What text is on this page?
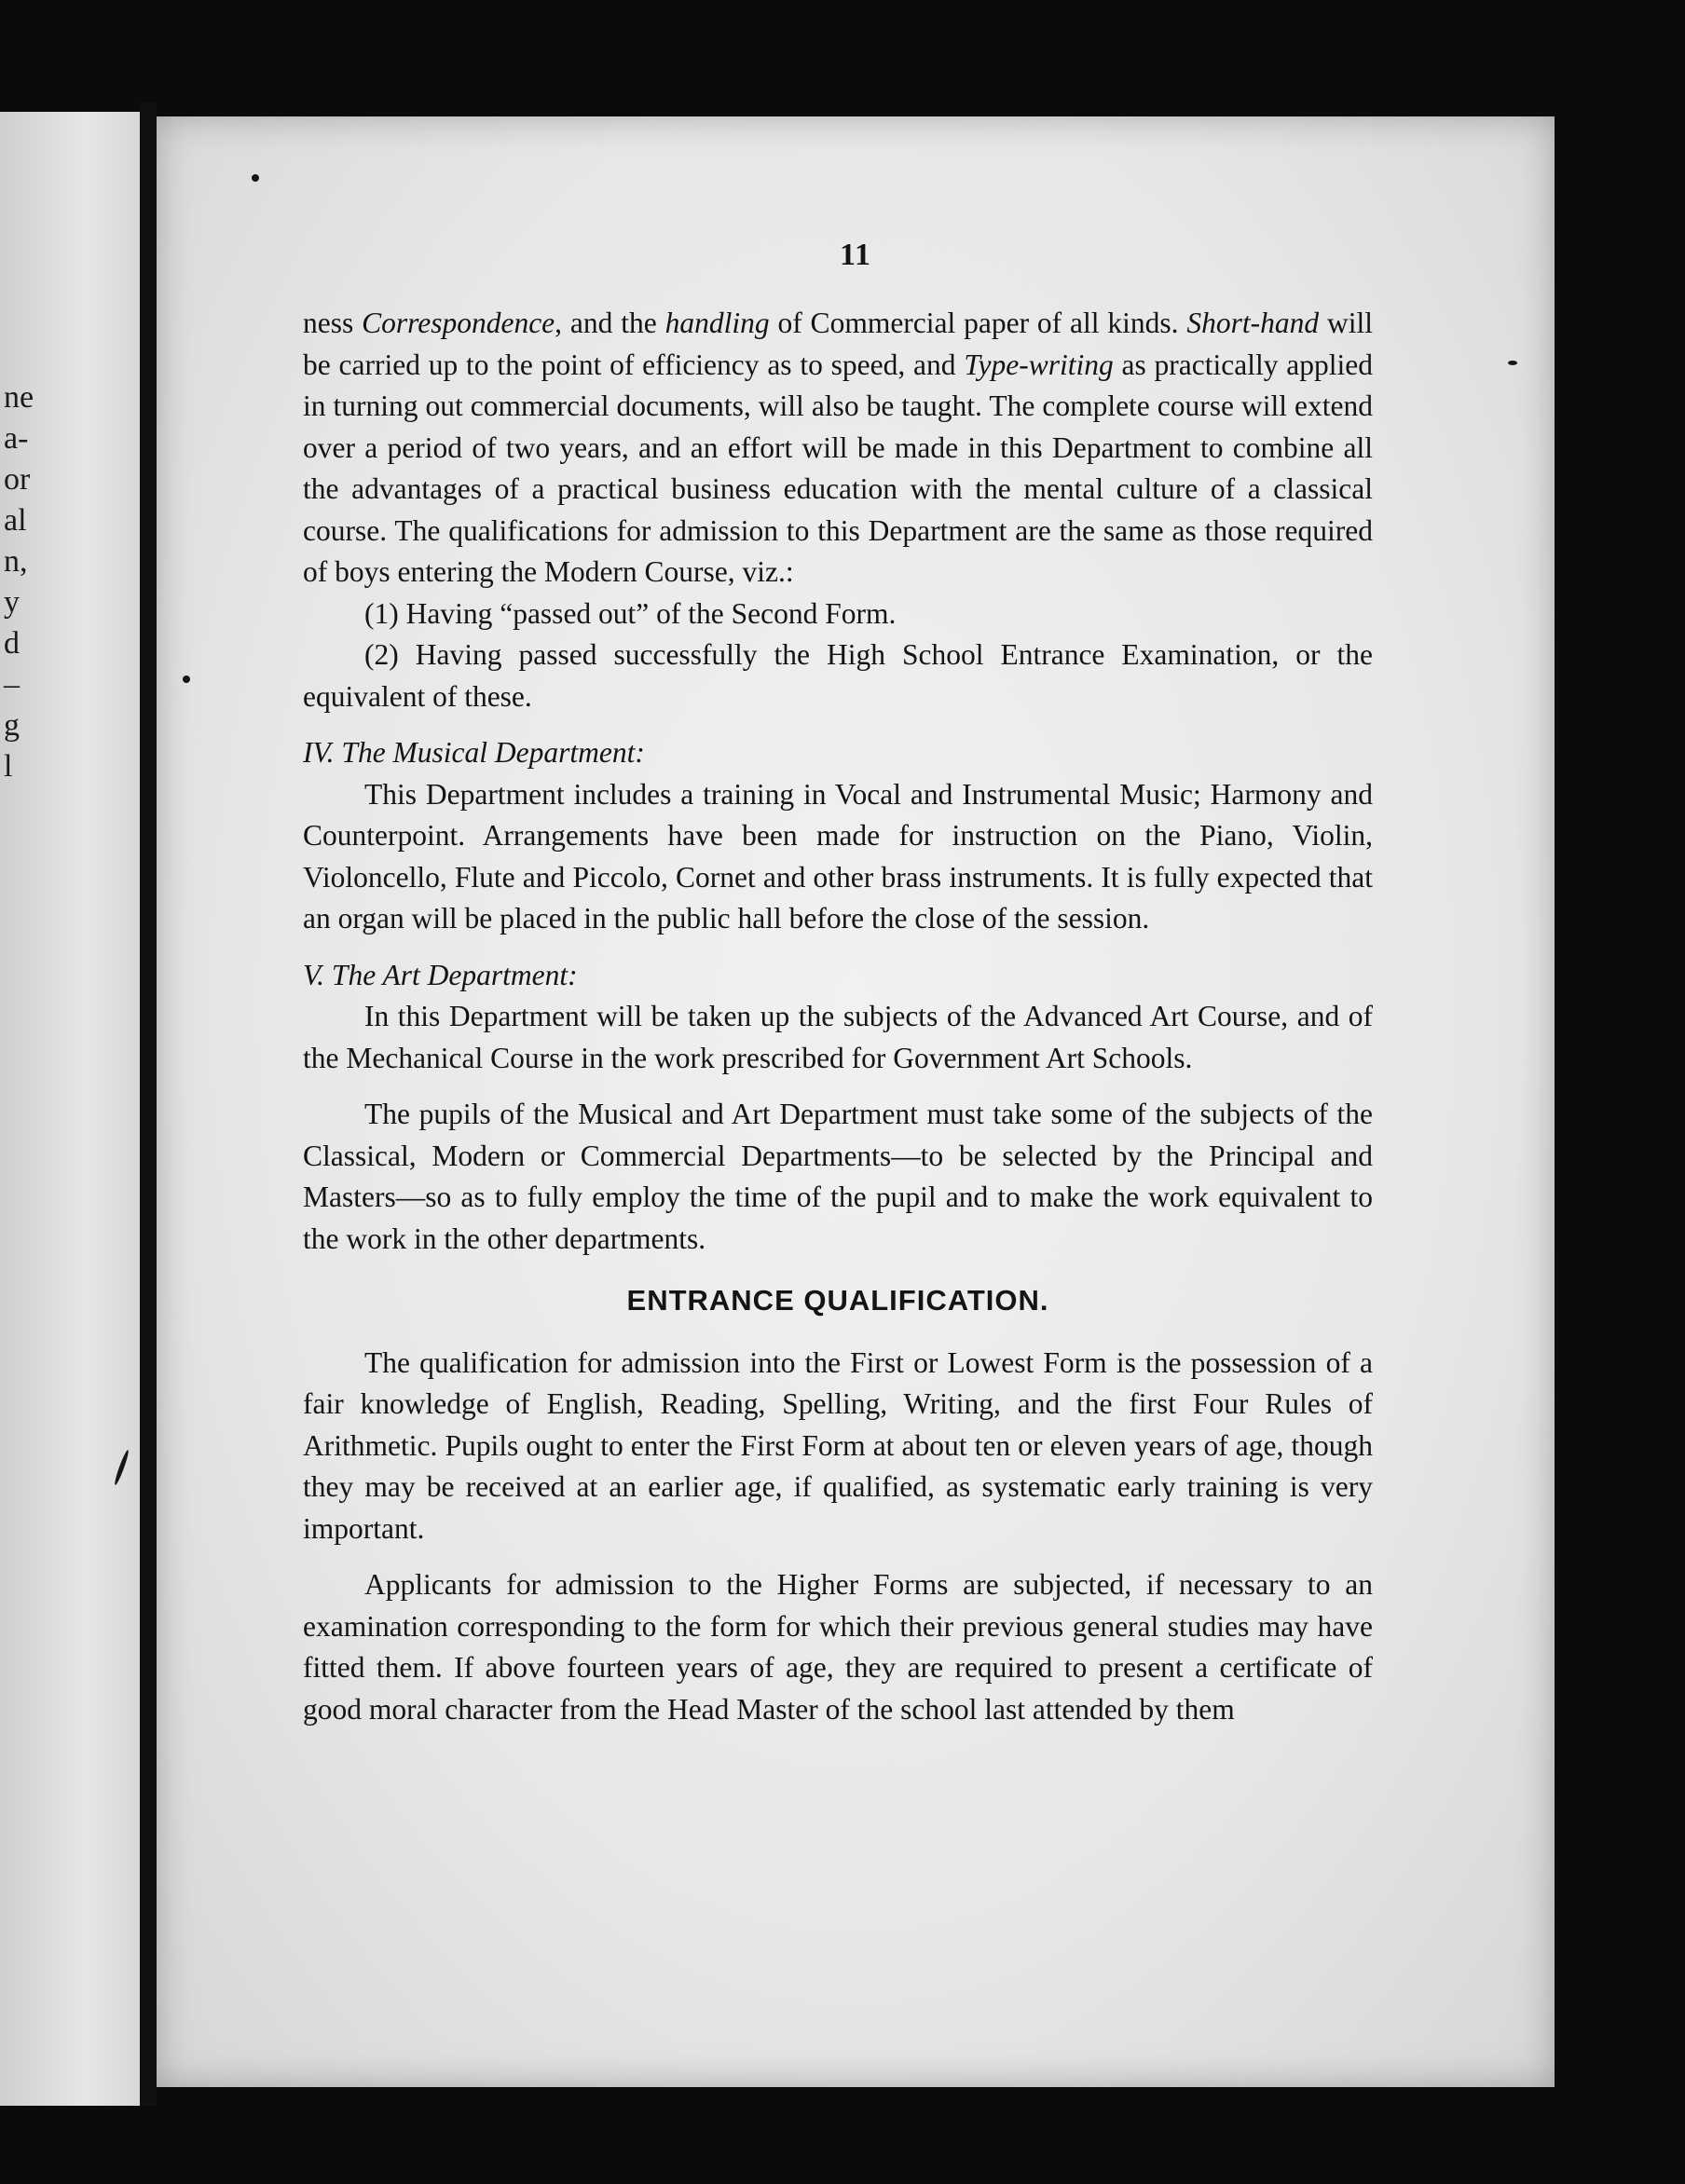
ne
a-
or
al
n,
y
d
–
g
l
11

ness Correspondence, and the handling of Commercial paper of all kinds. Short-hand will be carried up to the point of efficiency as to speed, and Type-writing as practically applied in turning out commercial documents, will also be taught. The complete course will extend over a period of two years, and an effort will be made in this Department to combine all the advantages of a practical business education with the mental culture of a classical course. The qualifications for admission to this Department are the same as those required of boys entering the Modern Course, viz.:

(1) Having “passed out” of the Second Form.

(2) Having passed successfully the High School Entrance Examination, or the equivalent of these.

IV. The Musical Department:

This Department includes a training in Vocal and Instrumental Music; Harmony and Counterpoint. Arrangements have been made for instruction on the Piano, Violin, Violoncello, Flute and Piccolo, Cornet and other brass instruments. It is fully expected that an organ will be placed in the public hall before the close of the session.

V. The Art Department:

In this Department will be taken up the subjects of the Advanced Art Course, and of the Mechanical Course in the work prescribed for Government Art Schools.

The pupils of the Musical and Art Department must take some of the subjects of the Classical, Modern or Commercial Departments—to be selected by the Principal and Masters—so as to fully employ the time of the pupil and to make the work equivalent to the work in the other departments.

ENTRANCE QUALIFICATION.

The qualification for admission into the First or Lowest Form is the possession of a fair knowledge of English, Reading, Spelling, Writing, and the first Four Rules of Arithmetic. Pupils ought to enter the First Form at about ten or eleven years of age, though they may be received at an earlier age, if qualified, as systematic early training is very important.

Applicants for admission to the Higher Forms are subjected, if necessary to an examination corresponding to the form for which their previous general studies may have fitted them. If above fourteen years of age, they are required to present a certificate of good moral character from the Head Master of the school last attended by them
